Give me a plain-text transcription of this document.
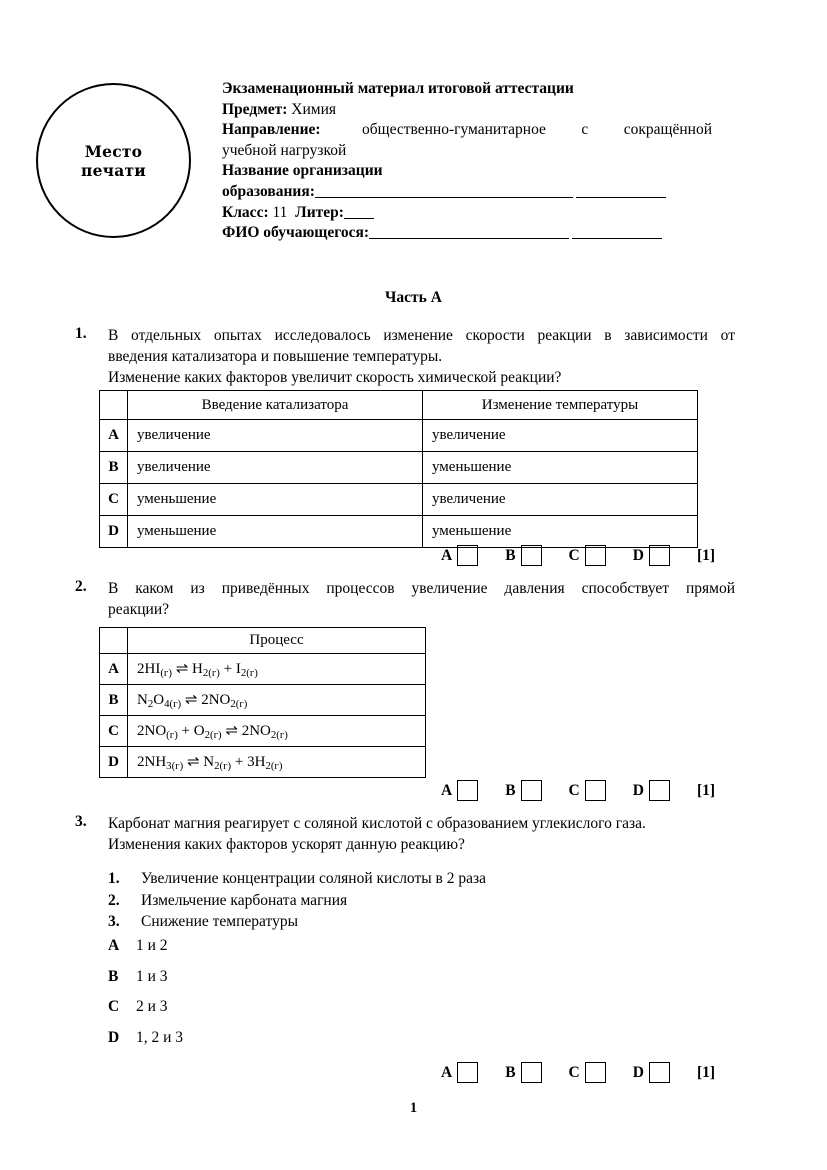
Место
печати
Экзаменационный материал итоговой аттестации
Предмет: Химия
Направление:	общественно-гуманитарное с сокращённой
учебной нагрузкой
Название организации
образования:
Класс: 11 Литер:
ФИО обучающегося:
Часть А
1.	В отдельных опытах исследовалось изменение скорости реакции в зависимости от
введения катализатора и повышение температуры.
Изменение каких факторов увеличит скорость химической реакции?
	Введение катализатора	Изменение температуры
A	увеличение	увеличение
B	увеличение	уменьшение
C	уменьшение	увеличение
D	уменьшение	уменьшение
A	B	C	D	[1]
2.	В каком из приведённых процессов увеличение давления способствует прямой
реакции?
	Процесс
A	$2HI_{(г)}$ ⇌ $H_{2(г)} + I_{2(г)}$
B	$N_2O_{4(г)}$ ⇌ $2NO_{2(г)}$
C	$2NO_{(г)} + O_{2(г)}$ ⇌ $2NO_{2(г)}$
D	$2NH_{3(г)}$ ⇌ $N_{2(г)} + 3H_{2(г)}$
A	B	C	D	[1]
3.	Карбонат магния реагирует с соляной кислотой с образованием углекислого газа.
Изменения каких факторов ускорят данную реакцию?
1.	Увеличение концентрации соляной кислоты в 2 раза
2.	Измельчение карбоната магния
3.	Снижение температуры
A	1 и 2
B	1 и 3
C	2 и 3
D	1, 2 и 3
A	B	C	D	[1]
1
